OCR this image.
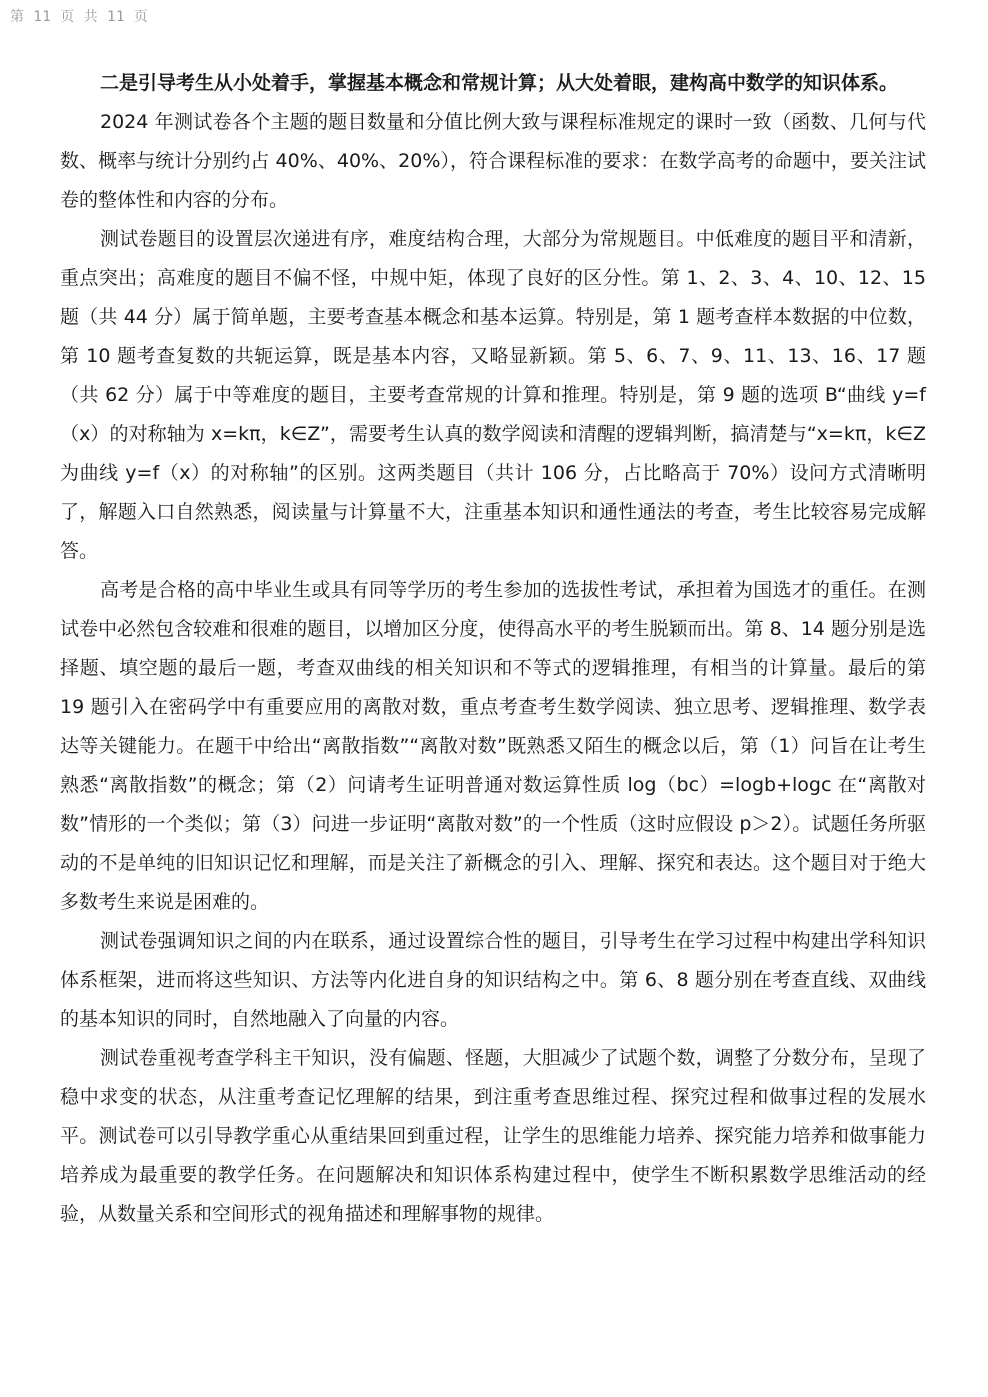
第 11 页 共 11 页

二是引导考生从小处着手，掌握基本概念和常规计算；从大处着眼，建构高中数学的知识体系。

2024 年测试卷各个主题的题目数量和分值比例大致与课程标准规定的课时一致（函数、几何与代数、概率与统计分别约占 40%、40%、20%），符合课程标准的要求：在数学高考的命题中，要关注试卷的整体性和内容的分布。

测试卷题目的设置层次递进有序，难度结构合理，大部分为常规题目。中低难度的题目平和清新，重点突出；高难度的题目不偏不怪，中规中矩，体现了良好的区分性。第 1、2、3、4、10、12、15 题（共 44 分）属于简单题，主要考查基本概念和基本运算。特别是，第 1 题考查样本数据的中位数，第 10 题考查复数的共轭运算，既是基本内容，又略显新颖。第 5、6、7、9、11、13、16、17 题（共 62 分）属于中等难度的题目，主要考查常规的计算和推理。特别是，第 9 题的选项 B“曲线 y=f（x）的对称轴为 x=kπ，k∈Z”，需要考生认真的数学阅读和清醒的逻辑判断，搞清楚与“x=kπ，k∈Z 为曲线 y=f（x）的对称轴”的区别。这两类题目（共计 106 分，占比略高于 70%）设问方式清晰明了，解题入口自然熟悉，阅读量与计算量不大，注重基本知识和通性通法的考查，考生比较容易完成解答。

高考是合格的高中毕业生或具有同等学历的考生参加的选拔性考试，承担着为国选才的重任。在测试卷中必然包含较难和很难的题目，以增加区分度，使得高水平的考生脱颖而出。第 8、14 题分别是选择题、填空题的最后一题，考查双曲线的相关知识和不等式的逻辑推理，有相当的计算量。最后的第 19 题引入在密码学中有重要应用的离散对数，重点考查考生数学阅读、独立思考、逻辑推理、数学表达等关键能力。在题干中给出“离散指数”“离散对数”既熟悉又陌生的概念以后，第（1）问旨在让考生熟悉“离散指数”的概念；第（2）问请考生证明普通对数运算性质 log（bc）=logb+logc 在“离散对数”情形的一个类似；第（3）问进一步证明“离散对数”的一个性质（这时应假设 p＞2）。试题任务所驱动的不是单纯的旧知识记忆和理解，而是关注了新概念的引入、理解、探究和表达。这个题目对于绝大多数考生来说是困难的。

测试卷强调知识之间的内在联系，通过设置综合性的题目，引导考生在学习过程中构建出学科知识体系框架，进而将这些知识、方法等内化进自身的知识结构之中。第 6、8 题分别在考查直线、双曲线的基本知识的同时，自然地融入了向量的内容。

测试卷重视考查学科主干知识，没有偏题、怪题，大胆减少了试题个数，调整了分数分布，呈现了稳中求变的状态，从注重考查记忆理解的结果，到注重考查思维过程、探究过程和做事过程的发展水平。测试卷可以引导教学重心从重结果回到重过程，让学生的思维能力培养、探究能力培养和做事能力培养成为最重要的教学任务。在问题解决和知识体系构建过程中，使学生不断积累数学思维活动的经验，从数量关系和空间形式的视角描述和理解事物的规律。
